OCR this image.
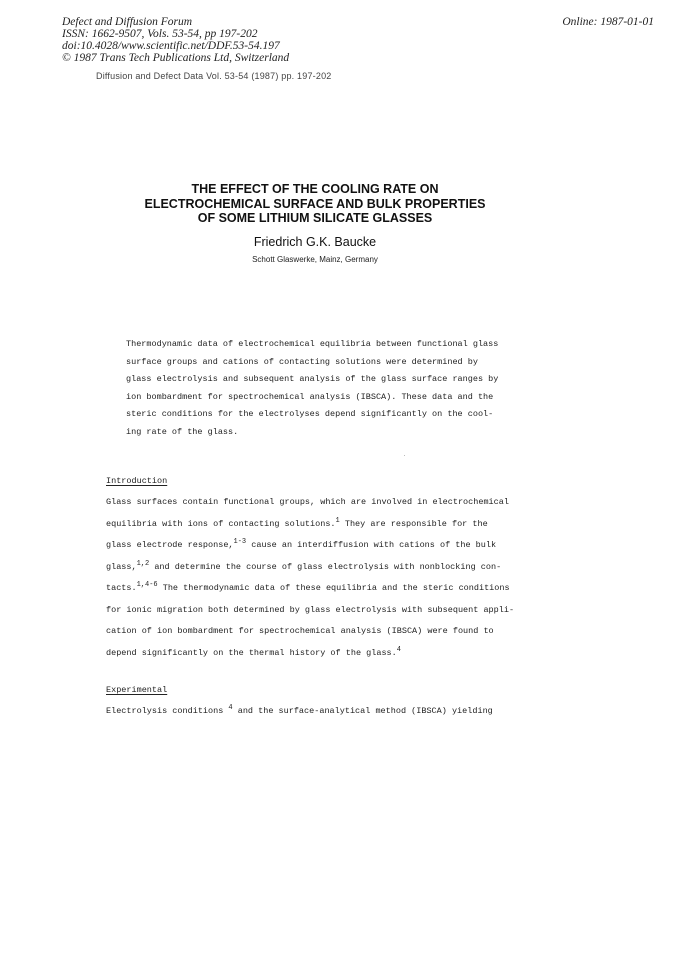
Defect and Diffusion Forum
ISSN: 1662-9507, Vols. 53-54, pp 197-202
doi:10.4028/www.scientific.net/DDF.53-54.197
© 1987 Trans Tech Publications Ltd, Switzerland
Online: 1987-01-01
Diffusion and Defect Data Vol. 53-54 (1987) pp. 197-202
THE EFFECT OF THE COOLING RATE ON
ELECTROCHEMICAL SURFACE AND BULK PROPERTIES
OF SOME LITHIUM SILICATE GLASSES
Friedrich G.K. Baucke
Schott Glaswerke, Mainz, Germany
Thermodynamic data of electrochemical equilibria between functional glass
surface groups and cations of contacting solutions were determined by
glass electrolysis and subsequent analysis of the glass surface ranges by
ion bombardment for spectrochemical analysis (IBSCA). These data and the
steric conditions for the electrolyses depend significantly on the cool-
ing rate of the glass.
Introduction
Glass surfaces contain functional groups, which are involved in electrochemical
equilibria with ions of contacting solutions.$^1$ They are responsible for the
glass electrode response,$^{1-3}$ cause an interdiffusion with cations of the bulk
glass,$^{1,2}$ and determine the course of glass electrolysis with nonblocking con-
tacts.$^{1,4-6}$ The thermodynamic data of these equilibria and the steric conditions
for ionic migration both determined by glass electrolysis with subsequent appli-
cation of ion bombardment for spectrochemical analysis (IBSCA) were found to
depend significantly on the thermal history of the glass.$^4$
Experimental
Electrolysis conditions $^4$ and the surface-analytical method (IBSCA) yielding
